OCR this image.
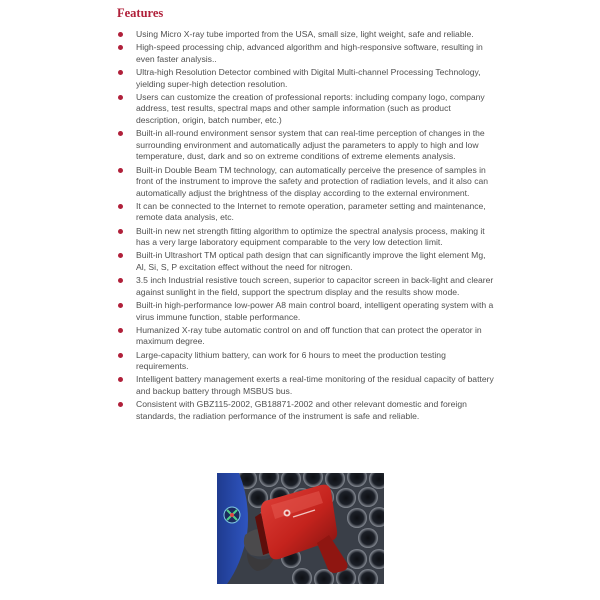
Features
Using Micro X-ray tube imported from the USA, small size, light weight, safe and reliable.
High-speed processing chip, advanced algorithm and high-responsive software, resulting in even faster analysis..
Ultra-high Resolution Detector combined with Digital Multi-channel Processing Technology, yielding super-high detection resolution.
Users can customize the creation of professional reports: including company logo, company address, test results, spectral maps and other sample information (such as product description, origin, batch number, etc.)
Built-in all-round environment sensor system that can real-time perception of changes in the surrounding environment and automatically adjust the parameters to apply to high and low temperature, dust, dark and so on extreme conditions of extreme elements analysis.
Built-in Double Beam TM technology, can automatically perceive the presence of samples in front of the instrument to improve the safety and protection of radiation levels, and it also can automatically adjust the brightness of the display according to the external environment.
It can be connected to the Internet to remote operation, parameter setting and maintenance, remote data analysis, etc.
Built-in new net strength fitting algorithm to optimize the spectral analysis process, making it has a very large laboratory equipment comparable to the very low detection limit.
Built-in Ultrashort TM optical path design that can significantly improve the light element Mg, Al, Si, S, P excitation effect without the need for nitrogen.
3.5 inch Industrial resistive touch screen, superior to capacitor screen in back-light and clearer against sunlight in the field, support the spectrum display and the results show mode.
Built-in high-performance low-power A8 main control board, intelligent operating system with a virus immune function, stable performance.
Humanized X-ray tube automatic control on and off function that can protect the operator in maximum degree.
Large-capacity lithium battery, can work for 6 hours to meet the production testing requirements.
Intelligent battery management exerts a real-time monitoring of the residual capacity of battery and backup battery through MSBUS bus.
Consistent with GBZ115-2002, GB18871-2002 and other relevant domestic and foreign standards, the radiation performance of the instrument is safe and reliable.
